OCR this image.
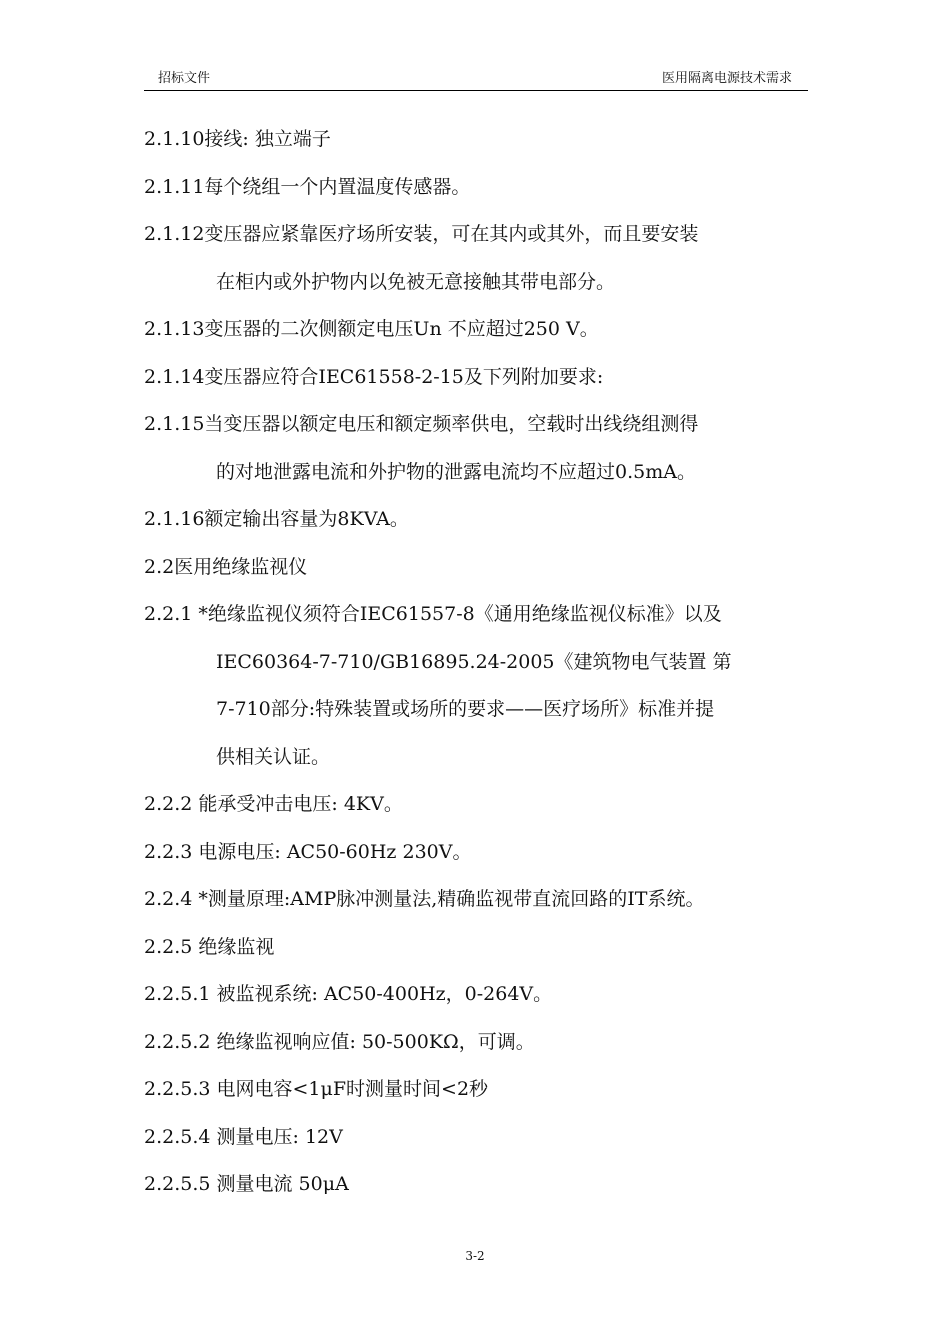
招标文件	医用隔离电源技术需求
2.1.10接线: 独立端子
2.1.11每个绕组一个内置温度传感器。
2.1.12变压器应紧靠医疗场所安装，可在其内或其外，而且要安装
在柜内或外护物内以免被无意接触其带电部分。
2.1.13变压器的二次侧额定电压Un 不应超过250 V。
2.1.14变压器应符合IEC61558-2-15及下列附加要求:
2.1.15当变压器以额定电压和额定频率供电，空载时出线绕组测得
的对地泄露电流和外护物的泄露电流均不应超过0.5mA。
2.1.16额定输出容量为8KVA。
2.2医用绝缘监视仪
2.2.1 *绝缘监视仪须符合IEC61557-8《通用绝缘监视仪标准》以及
IEC60364-7-710/GB16895.24-2005《建筑物电气装置 第
7-710部分:特殊装置或场所的要求——医疗场所》标准并提
供相关认证。
2.2.2 能承受冲击电压: 4KV。
2.2.3 电源电压: AC50-60Hz 230V。
2.2.4 *测量原理:AMP脉冲测量法,精确监视带直流回路的IT系统。
2.2.5 绝缘监视
2.2.5.1 被监视系统: AC50-400Hz，0-264V。
2.2.5.2 绝缘监视响应值: 50-500KΩ，可调。
2.2.5.3 电网电容<1μF时测量时间<2秒
2.2.5.4 测量电压: 12V
2.2.5.5 测量电流 50μA
3-2
